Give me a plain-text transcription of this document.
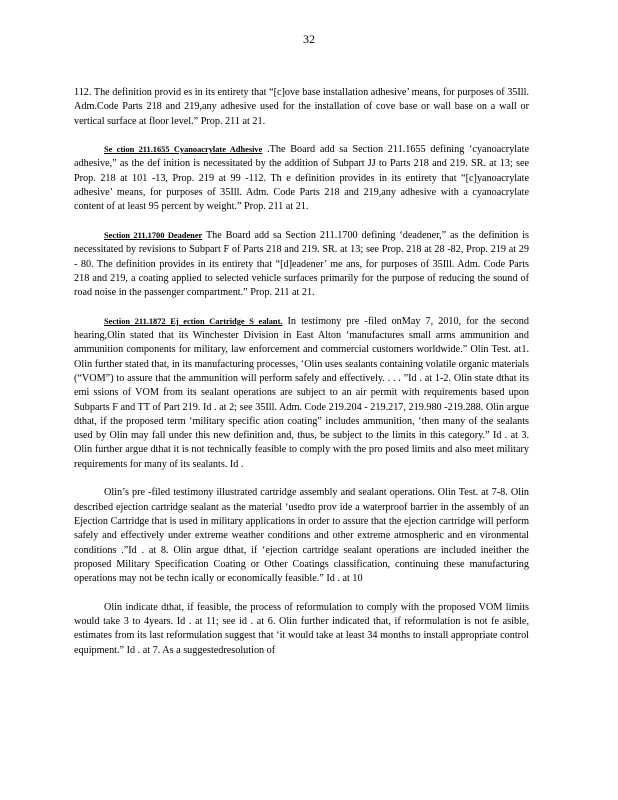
32

112. The definition provid es in its entirety that “[c]ove base installation adhesive’ means, for purposes of 35Ill. Adm.Code Parts 218 and 219,any adhesive used for the installation of cove base or wall base on a wall or vertical surface at floor level.” Prop. 211 at 21.

Se ction 211.1655 Cyanoacrylate Adhesive .The Board add sa Section 211.1655 defining ‘cyanoacrylate adhesive,” as the def inition is necessitated by the addition of Subpart JJ to Parts 218 and 219. SR. at 13; see Prop. 218 at 101 -13, Prop. 219 at 99 -112. Th e definition provides in its entirety that “[c]yanoacrylate adhesive’ means, for purposes of 35Ill. Adm. Code Parts 218 and 219,any adhesive with a cyanoacrylate content of at least 95 percent by weight.” Prop. 211 at 21.

Section 211.1700 Deadener The Board add sa Section 211.1700 defining ‘deadener,” as the definition is necessitated by revisions to Subpart F of Parts 218 and 219. SR. at 13; see Prop. 218 at 28 -82, Prop. 219 at 29 - 80. The definition provides in its entirety that “[d]eadener’ me ans, for purposes of 35Ill. Adm. Code Parts 218 and 219, a coating applied to selected vehicle surfaces primarily for the purpose of reducing the sound of road noise in the passenger compartment.” Prop. 211 at 21.

Section 211.1872 Ej ection Cartridge S ealant. In testimony pre -filed onMay 7, 2010, for the second hearing,Olin stated that its Winchester Division in East Alton ‘manufactures small arms ammunition and ammunition components for military, law enforcement and commercial customers worldwide.” Olin Test. at1. Olin further stated that, in its manufacturing processes, ‘Olin uses sealants containing volatile organic materials (“VOM”) to assure that the ammunition will perform safely and effectively. . . . ”Id . at 1-2. Olin state dthat its emi ssions of VOM from its sealant operations are subject to an air permit with requirements based upon Subparts F and TT of Part 219. Id . at 2; see 35Ill. Adm. Code 219.204 - 219.217, 219.980 -219.288. Olin argue dthat, if the proposed term ‘military specific ation coating” includes ammunition, ‘then many of the sealants used by Olin may fall under this new definition and, thus, be subject to the limits in this category.” Id . at 3. Olin further argue dthat it is not technically feasible to comply with the pro posed limits and also meet military requirements for many of its sealants. Id .

Olin’s pre -filed testimony illustrated cartridge assembly and sealant operations. Olin Test. at 7-8. Olin described ejection cartridge sealant as the material ‘usedto prov ide a waterproof barrier in the assembly of an Ejection Cartridge that is used in military applications in order to assure that the ejection cartridge will perform safely and effectively under extreme weather conditions and other extreme atmospheric and en vironmental conditions .”Id . at 8. Olin argue dthat, if ‘ejection cartridge sealant operations are included ineither the proposed Military Specification Coating or Other Coatings classification, continuing these manufacturing operations may not be techn ically or economically feasible.” Id . at 10

Olin indicate dthat, if feasible, the process of reformulation to comply with the proposed VOM limits would take 3 to 4years. Id . at 11; see id . at 6. Olin further indicated that, if reformulation is not fe asible, estimates from its last reformulation suggest that ‘it would take at least 34 months to install appropriate control equipment.” Id . at 7. As a suggestedresolution of
